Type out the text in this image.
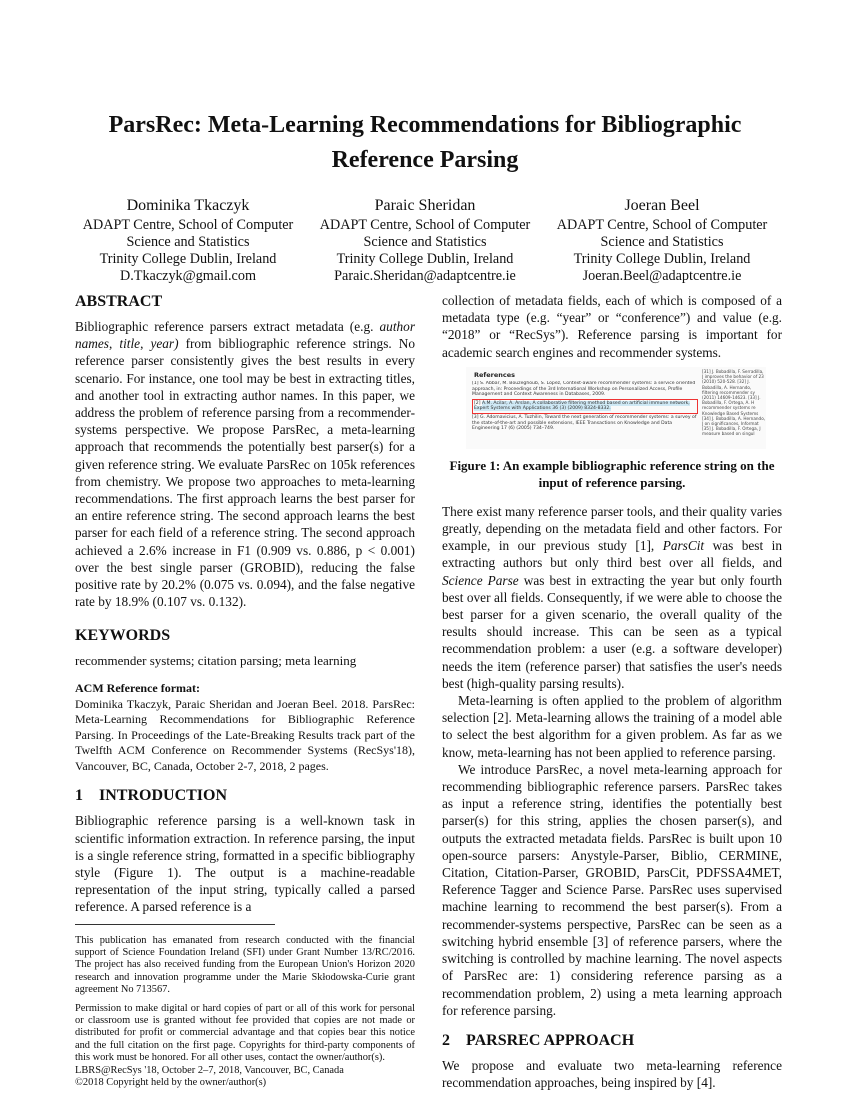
ParsRec: Meta-Learning Recommendations for Bibliographic
Reference Parsing
Dominika Tkaczyk
ADAPT Centre, School of Computer
Science and Statistics
Trinity College Dublin, Ireland
D.Tkaczyk@gmail.com
Paraic Sheridan
ADAPT Centre, School of Computer
Science and Statistics
Trinity College Dublin, Ireland
Paraic.Sheridan@adaptcentre.ie
Joeran Beel
ADAPT Centre, School of Computer
Science and Statistics
Trinity College Dublin, Ireland
Joeran.Beel@adaptcentre.ie
ABSTRACT

Bibliographic reference parsers extract metadata (e.g. author names, title, year) from bibliographic reference strings. No reference parser consistently gives the best results in every scenario. For instance, one tool may be best in extracting titles, and another tool in extracting author names. In this paper, we address the problem of reference parsing from a recommender-systems perspective. We propose ParsRec, a meta-learning approach that recommends the potentially best parser(s) for a given reference string. We evaluate ParsRec on 105k references from chemistry. We propose two approaches to meta-learning recommendations. The first approach learns the best parser for an entire reference string. The second approach learns the best parser for each field of a reference string. The second approach achieved a 2.6% increase in F1 (0.909 vs. 0.886, p < 0.001) over the best single parser (GROBID), reducing the false positive rate by 20.2% (0.075 vs. 0.094), and the false negative rate by 18.9% (0.107 vs. 0.132).

KEYWORDS
recommender systems; citation parsing; meta learning
ACM Reference format:
Dominika Tkaczyk, Paraic Sheridan and Joeran Beel. 2018. ParsRec: Meta-Learning Recommendations for Bibliographic Reference Parsing. In Proceedings of the Late-Breaking Results track part of the Twelfth ACM Conference on Recommender Systems (RecSys'18), Vancouver, BC, Canada, October 2-7, 2018, 2 pages.
1 INTRODUCTION

Bibliographic reference parsing is a well-known task in scientific information extraction. In reference parsing, the input is a single reference string, formatted in a specific bibliography style (Figure 1). The output is a machine-readable representation of the input string, typically called a parsed reference. A parsed reference is a

This publication has emanated from research conducted with the financial support of Science Foundation Ireland (SFI) under Grant Number 13/RC/2016. The project has also received funding from the European Union's Horizon 2020 research and innovation programme under the Marie Skłodowska-Curie grant agreement No 713567.
Permission to make digital or hard copies of part or all of this work for personal or classroom use is granted without fee provided that copies are not made or distributed for profit or commercial advantage and that copies bear this notice and the full citation on the first page. Copyrights for third-party components of this work must be honored. For all other uses, contact the owner/author(s).
LBRS@RecSys '18, October 2–7, 2018, Vancouver, BC, Canada
©2018 Copyright held by the owner/author(s)

collection of metadata fields, each of which is composed of a metadata type (e.g. “year” or “conference”) and value (e.g. “2018” or “RecSys”). Reference parsing is important for academic search engines and recommender systems.

References
[1] S. Abbar, M. Bouzeghoub, S. Lopez, Context-aware recommender systems: a service oriented approach, in: Proceedings of the 3rd International Workshop on Personalized Access, Profile Management and Context Awareness in Databases, 2009.
[2] A.M. Acilar, A. Arslan, A collaborative filtering method based on artificial immune network, Expert Systems with Applications 36 (3) (2009) 8324-8332.
[3] G. Adomavicius, A. Tuzhilin, Toward the next generation of recommender systems: a survey of the state-of-the-art and possible extensions, IEEE Transactions on Knowledge and Data Engineering 17 (6) (2005) 734–749.
[31] J. Bobadilla, F. Serradilla, J improves the behavior of 23 (2010) 520-528. [32] J. Bobadilla, A. Hernando, filtering recommender sy (2011) 14609-14623. [33] J. Bobadilla, F. Ortega, A. H recommender systems re Knowledge Based Systems [34] J. Bobadilla, A. Hernando, J on significances, Informat [35] J. Bobadilla, F. Ortega, J measure based on singul
Figure 1: An example bibliographic reference string on the input of reference parsing.

There exist many reference parser tools, and their quality varies greatly, depending on the metadata field and other factors. For example, in our previous study [1], ParsCit was best in extracting authors but only third best over all fields, and Science Parse was best in extracting the year but only fourth best over all fields. Consequently, if we were able to choose the best parser for a given scenario, the overall quality of the results should increase. This can be seen as a typical recommendation problem: a user (e.g. a software developer) needs the item (reference parser) that satisfies the user's needs best (high-quality parsing results).

Meta-learning is often applied to the problem of algorithm selection [2]. Meta-learning allows the training of a model able to select the best algorithm for a given problem. As far as we know, meta-learning has not been applied to reference parsing.

We introduce ParsRec, a novel meta-learning approach for recommending bibliographic reference parsers. ParsRec takes as input a reference string, identifies the potentially best parser(s) for this string, applies the chosen parser(s), and outputs the extracted metadata fields. ParsRec is built upon 10 open-source parsers: Anystyle-Parser, Biblio, CERMINE, Citation, Citation-Parser, GROBID, ParsCit, PDFSSA4MET, Reference Tagger and Science Parse. ParsRec uses supervised machine learning to recommend the best parser(s). From a recommender-systems perspective, ParsRec can be seen as a switching hybrid ensemble [3] of reference parsers, where the switching is controlled by machine learning. The novel aspects of ParsRec are: 1) considering reference parsing as a recommendation problem, 2) using a meta learning approach for reference parsing.

2 PARSREC APPROACH

We propose and evaluate two meta-learning reference recommendation approaches, being inspired by [4].
